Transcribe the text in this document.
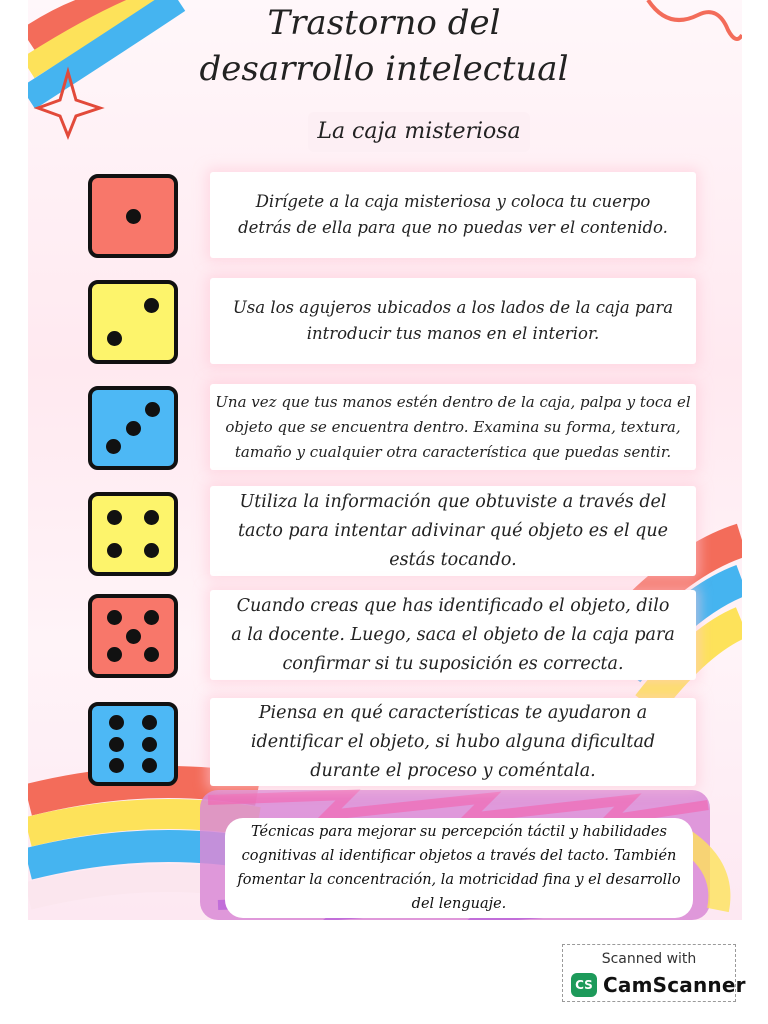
Trastorno del
desarrollo intelectual
La caja misteriosa
Dirígete a la caja misteriosa y coloca tu cuerpo
detrás de ella para que no puedas ver el contenido.
Usa los agujeros ubicados a los lados de la caja para
introducir tus manos en el interior.
Una vez que tus manos estén dentro de la caja, palpa y toca el
objeto que se encuentra dentro. Examina su forma, textura,
tamaño y cualquier otra característica que puedas sentir.
Utiliza la información que obtuviste a través del
tacto para intentar adivinar qué objeto es el que
estás tocando.
Cuando creas que has identificado el objeto, dilo
a la docente. Luego, saca el objeto de la caja para
confirmar si tu suposición es correcta.
Piensa en qué características te ayudaron a
identificar el objeto, si hubo alguna dificultad
durante el proceso y coméntala.
Técnicas para mejorar su percepción táctil y habilidades
cognitivas al identificar objetos a través del tacto. También
fomentar la concentración, la motricidad fina y el desarrollo
del lenguaje.
Scanned with
CS CamScanner
